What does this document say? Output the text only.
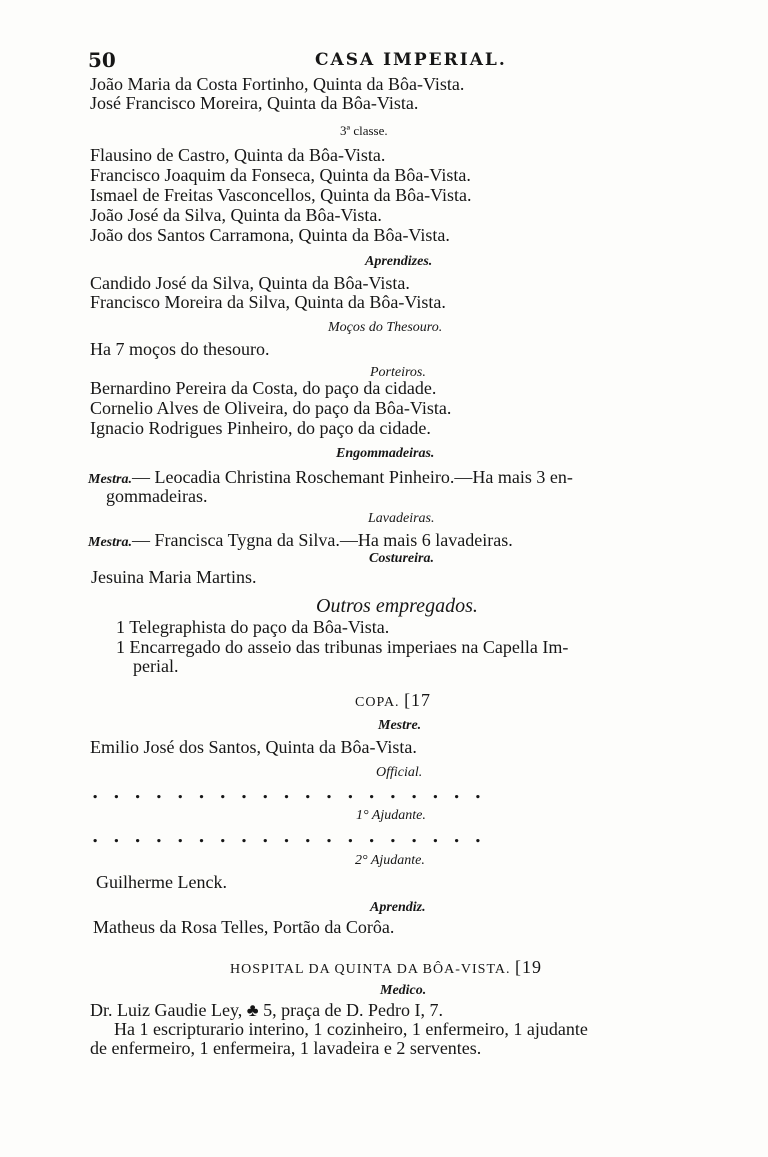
50	CASA IMPERIAL.
João Maria da Costa Fortinho, Quinta da Bôa-Vista.
José Francisco Moreira, Quinta da Bôa-Vista.
3ª classe.
Flausino de Castro, Quinta da Bôa-Vista.
Francisco Joaquim da Fonseca, Quinta da Bôa-Vista.
Ismael de Freitas Vasconcellos, Quinta da Bôa-Vista.
João José da Silva, Quinta da Bôa-Vista.
João dos Santos Carramona, Quinta da Bôa-Vista.
Aprendizes.
Candido José da Silva, Quinta da Bôa-Vista.
Francisco Moreira da Silva, Quinta da Bôa-Vista.
Moços do Thesouro.
Ha 7 moços do thesouro.
Porteiros.
Bernardino Pereira da Costa, do paço da cidade.
Cornelio Alves de Oliveira, do paço da Bôa-Vista.
Ignacio Rodrigues Pinheiro, do paço da cidade.
Engommadeiras.
Mestra.— Leocadia Christina Roschemant Pinheiro.—Ha mais 3 en-
gommadeiras.
Lavadeiras.
Mestra.— Francisca Tygna da Silva.—Ha mais 6 lavadeiras.
Costureira.
Jesuina Maria Martins.
Outros empregados.
1 Telegraphista do paço da Bôa-Vista.
1 Encarregado do asseio das tribunas imperiaes na Capella Im-
perial.
COPA. [17
Mestre.
Emilio José dos Santos, Quinta da Bôa-Vista.
Official.
...................
1° Ajudante.
...................
2° Ajudante.
Guilherme Lenck.
Aprendiz.
Matheus da Rosa Telles, Portão da Corôa.
HOSPITAL DA QUINTA DA BÔA-VISTA. [19
Medico.
Dr. Luiz Gaudie Ley, ♣ 5, praça de D. Pedro I, 7.
Ha 1 escripturario interino, 1 cozinheiro, 1 enfermeiro, 1 ajudante
de enfermeiro, 1 enfermeira, 1 lavadeira e 2 serventes.
